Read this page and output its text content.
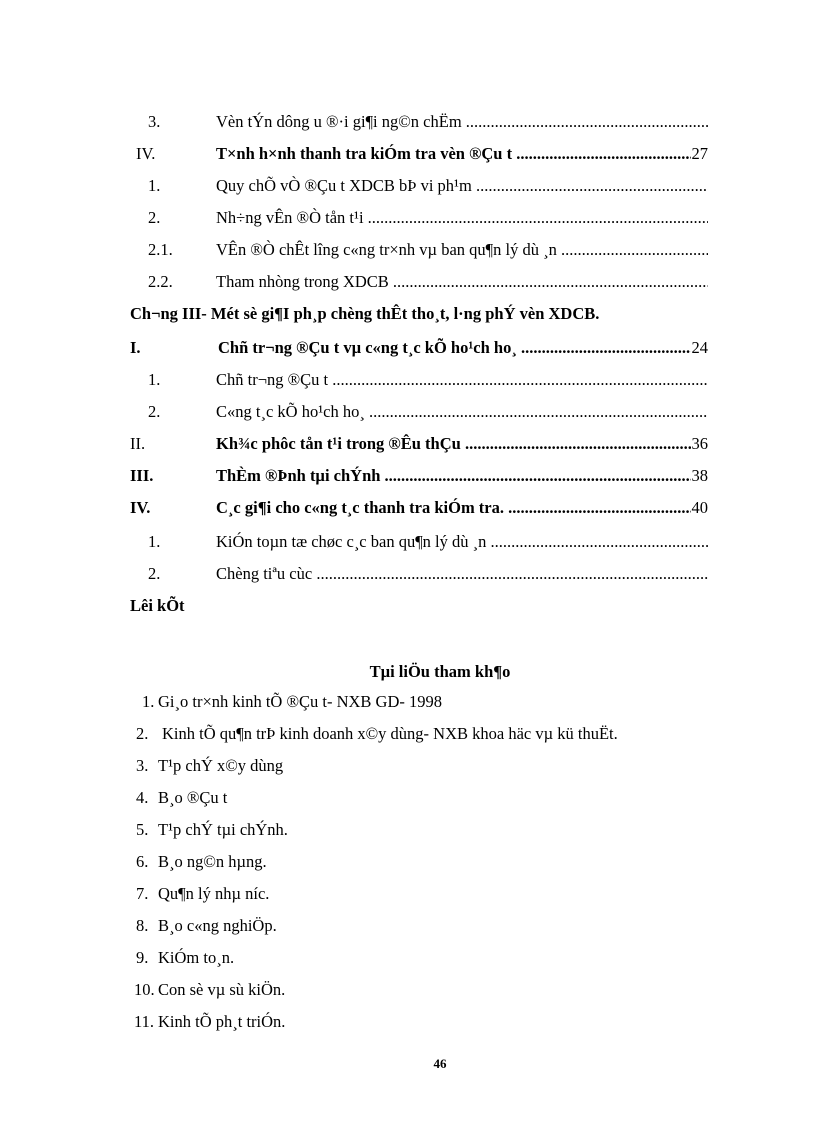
3.	Vèn tÝn dông u ®·i gi¶i ng©n chËm .....
IV.	T×nh h×nh thanh tra kiÓm tra vèn ®Çu t .....	27
1.	Quy chÕ vÒ ®Çu t XDCB bÞ vi ph¹m .....
2.	Nh÷ng vÊn ®Ò tån t¹i .....
2.1.	VÊn ®Ò chÊt lîng c«ng tr×nh vµ ban qu¶n lý dù ¸n .....
2.2.	Tham nhòng trong XDCB .....
Ch¬ng III- Mét sè gi¶I ph¸p chèng thÊt tho¸t, l·ng phÝ vèn XDCB.
I.	Chñ tr¬ng ®Çu t vµ c«ng t¸c kÕ ho¹ch ho¸ .....	24
1.	Chñ tr¬ng ®Çu t .....
2.	C«ng t¸c kÕ ho¹ch ho¸ .....
II.	Kh¾c phôc tån t¹i trong ®Êu thÇu .....	36
III.	ThÈm ®Þnh tµi chÝnh .....	38
IV.	C¸c gi¶i cho c«ng t¸c thanh tra kiÓm tra. .....	40
1.	KiÓn toµn tæ chøc c¸c ban qu¶n lý dù ¸n .....
2.	Chèng tiªu cùc .....
Lêi kÕt
Tµi liÖu tham kh¶o
1. Gi¸o tr×nh kinh tÕ ®Çu t- NXB GD- 1998
2. Kinh tÕ qu¶n trÞ kinh doanh x©y dùng- NXB khoa häc vµ kü thuËt.
3. T¹p chÝ x©y dùng
4. B¸o ®Çu t
5. T¹p chÝ tµi chÝnh.
6. B¸o ng©n hµng.
7. Qu¶n lý nhµ níc.
8. B¸o c«ng nghiÖp.
9. KiÓm to¸n.
10. Con sè vµ sù kiÖn.
11. Kinh tÕ ph¸t triÓn.
46
